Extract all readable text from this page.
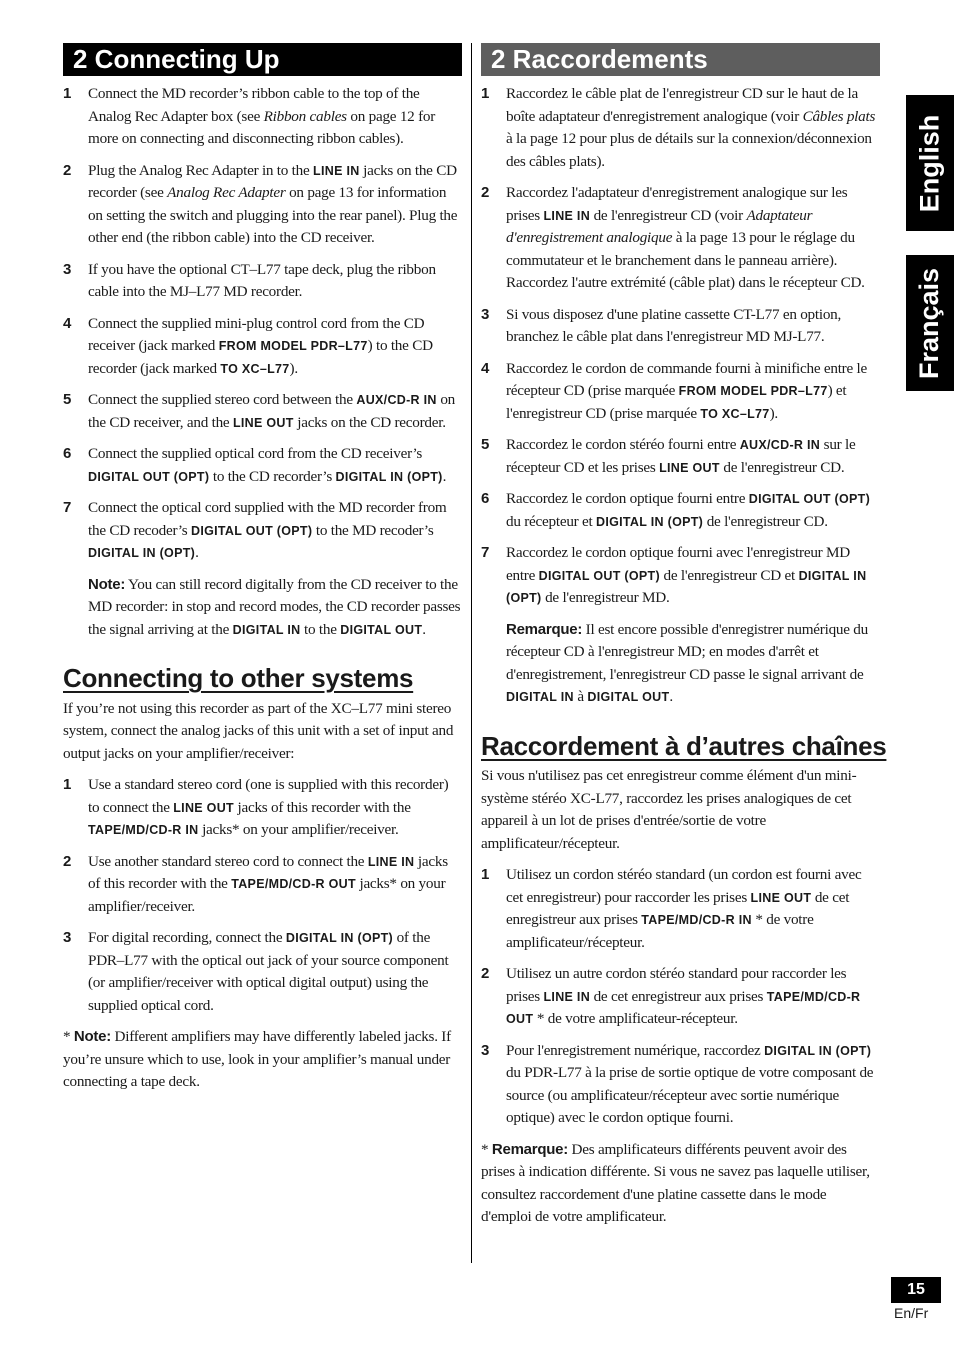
2 Connecting Up
1	Connect the MD recorder’s ribbon cable to the top of the Analog Rec Adapter box (see Ribbon cables on page 12 for more on connecting and disconnecting ribbon cables).
2	Plug the Analog Rec Adapter in to the LINE IN jacks on the CD recorder (see Analog Rec Adapter on page 13 for information on setting the switch and plugging into the rear panel). Plug the other end (the ribbon cable) into the CD receiver.
3	If you have the optional CT–L77 tape deck, plug the ribbon cable into the MJ–L77 MD recorder.
4	Connect the supplied mini-plug control cord from the CD receiver (jack marked FROM MODEL PDR–L77) to the CD recorder (jack marked TO XC–L77).
5	Connect the supplied stereo cord between the AUX/CD-R IN on the CD receiver, and the LINE OUT jacks on the CD recorder.
6	Connect the supplied optical cord from the CD receiver’s DIGITAL OUT (OPT) to the CD recorder’s DIGITAL IN (OPT).
7	Connect the optical cord supplied with the MD recorder from the CD recoder’s DIGITAL OUT (OPT) to the MD recoder’s DIGITAL IN (OPT).
Note: You can still record digitally from the CD receiver to the MD recorder: in stop and record modes, the CD recorder passes the signal arriving at the DIGITAL IN to the DIGITAL OUT.
Connecting to other systems
If you’re not using this recorder as part of the XC–L77 mini stereo system, connect the analog jacks of this unit with a set of input and output jacks on your amplifier/receiver:
1	Use a standard stereo cord (one is supplied with this recorder) to connect the LINE OUT jacks of this recorder with the TAPE/MD/CD-R IN jacks* on your amplifier/receiver.
2	Use another standard stereo cord to connect the LINE IN jacks of this recorder with the TAPE/MD/CD-R OUT jacks* on your amplifier/receiver.
3	For digital recording, connect the DIGITAL IN (OPT) of the PDR–L77 with the optical out jack of your source component (or amplifier/receiver with optical digital output) using the supplied optical cord.
* Note: Different amplifiers may have differently labeled jacks. If you’re unsure which to use, look in your amplifier’s manual under connecting a tape deck.
2 Raccordements
1	Raccordez le câble plat de l'enregistreur CD sur le haut de la boîte adaptateur d'enregistrement analogique (voir Câbles plats à la page 12 pour plus de détails sur la connexion/déconnexion des câbles plats).
2	Raccordez l'adaptateur d'enregistrement analogique sur les prises LINE IN de l'enregistreur CD (voir Adaptateur d'enregistrement analogique à la page 13 pour le réglage du commutateur et le branchement dans le panneau arrière). Raccordez l'autre extrémité (câble plat) dans le récepteur CD.
3	Si vous disposez d'une platine cassette CT-L77 en option, branchez le câble plat dans l'enregistreur MD MJ-L77.
4	Raccordez le cordon de commande fourni à minifiche entre le récepteur CD (prise marquée FROM MODEL PDR–L77) et l'enregistreur CD (prise marquée TO XC–L77).
5	Raccordez le cordon stéréo fourni entre AUX/CD-R IN sur le récepteur CD et les prises LINE OUT de l'enregistreur CD.
6	Raccordez le cordon optique fourni entre DIGITAL OUT (OPT) du récepteur et DIGITAL IN (OPT) de l'enregistreur CD.
7	Raccordez le cordon optique fourni avec l'enregistreur MD entre DIGITAL OUT (OPT) de l'enregistreur CD et DIGITAL IN (OPT) de l'enregistreur MD.
Remarque: Il est encore possible d'enregistrer numérique du récepteur CD à l'enregistreur MD; en modes d'arrêt et d'enregistrement, l'enregistreur CD passe le signal arrivant de DIGITAL IN à DIGITAL OUT.
Raccordement à d’autres chaînes
Si vous n'utilisez pas cet enregistreur comme élément d'un mini-système stéréo XC-L77, raccordez les prises analogiques de cet appareil à un lot de prises d'entrée/sortie de votre amplificateur/récepteur.
1	Utilisez un cordon stéréo standard (un cordon est fourni avec cet enregistreur) pour raccorder les prises LINE OUT de cet enregistreur aux prises TAPE/MD/CD-R IN * de votre amplificateur/récepteur.
2	Utilisez un autre cordon stéréo standard pour raccorder les prises LINE IN de cet enregistreur aux prises TAPE/MD/CD-R OUT * de votre amplificateur-récepteur.
3	Pour l'enregistrement numérique, raccordez DIGITAL IN (OPT) du PDR-L77 à la prise de sortie optique de votre composant de source (ou amplificateur/récepteur avec sortie numérique optique) avec le cordon optique fourni.
* Remarque: Des amplificateurs différents peuvent avoir des prises à indication différente. Si vous ne savez pas laquelle utiliser, consultez raccordement d'une platine cassette dans le mode d'emploi de votre amplificateur.
English
Français
15
En/Fr
